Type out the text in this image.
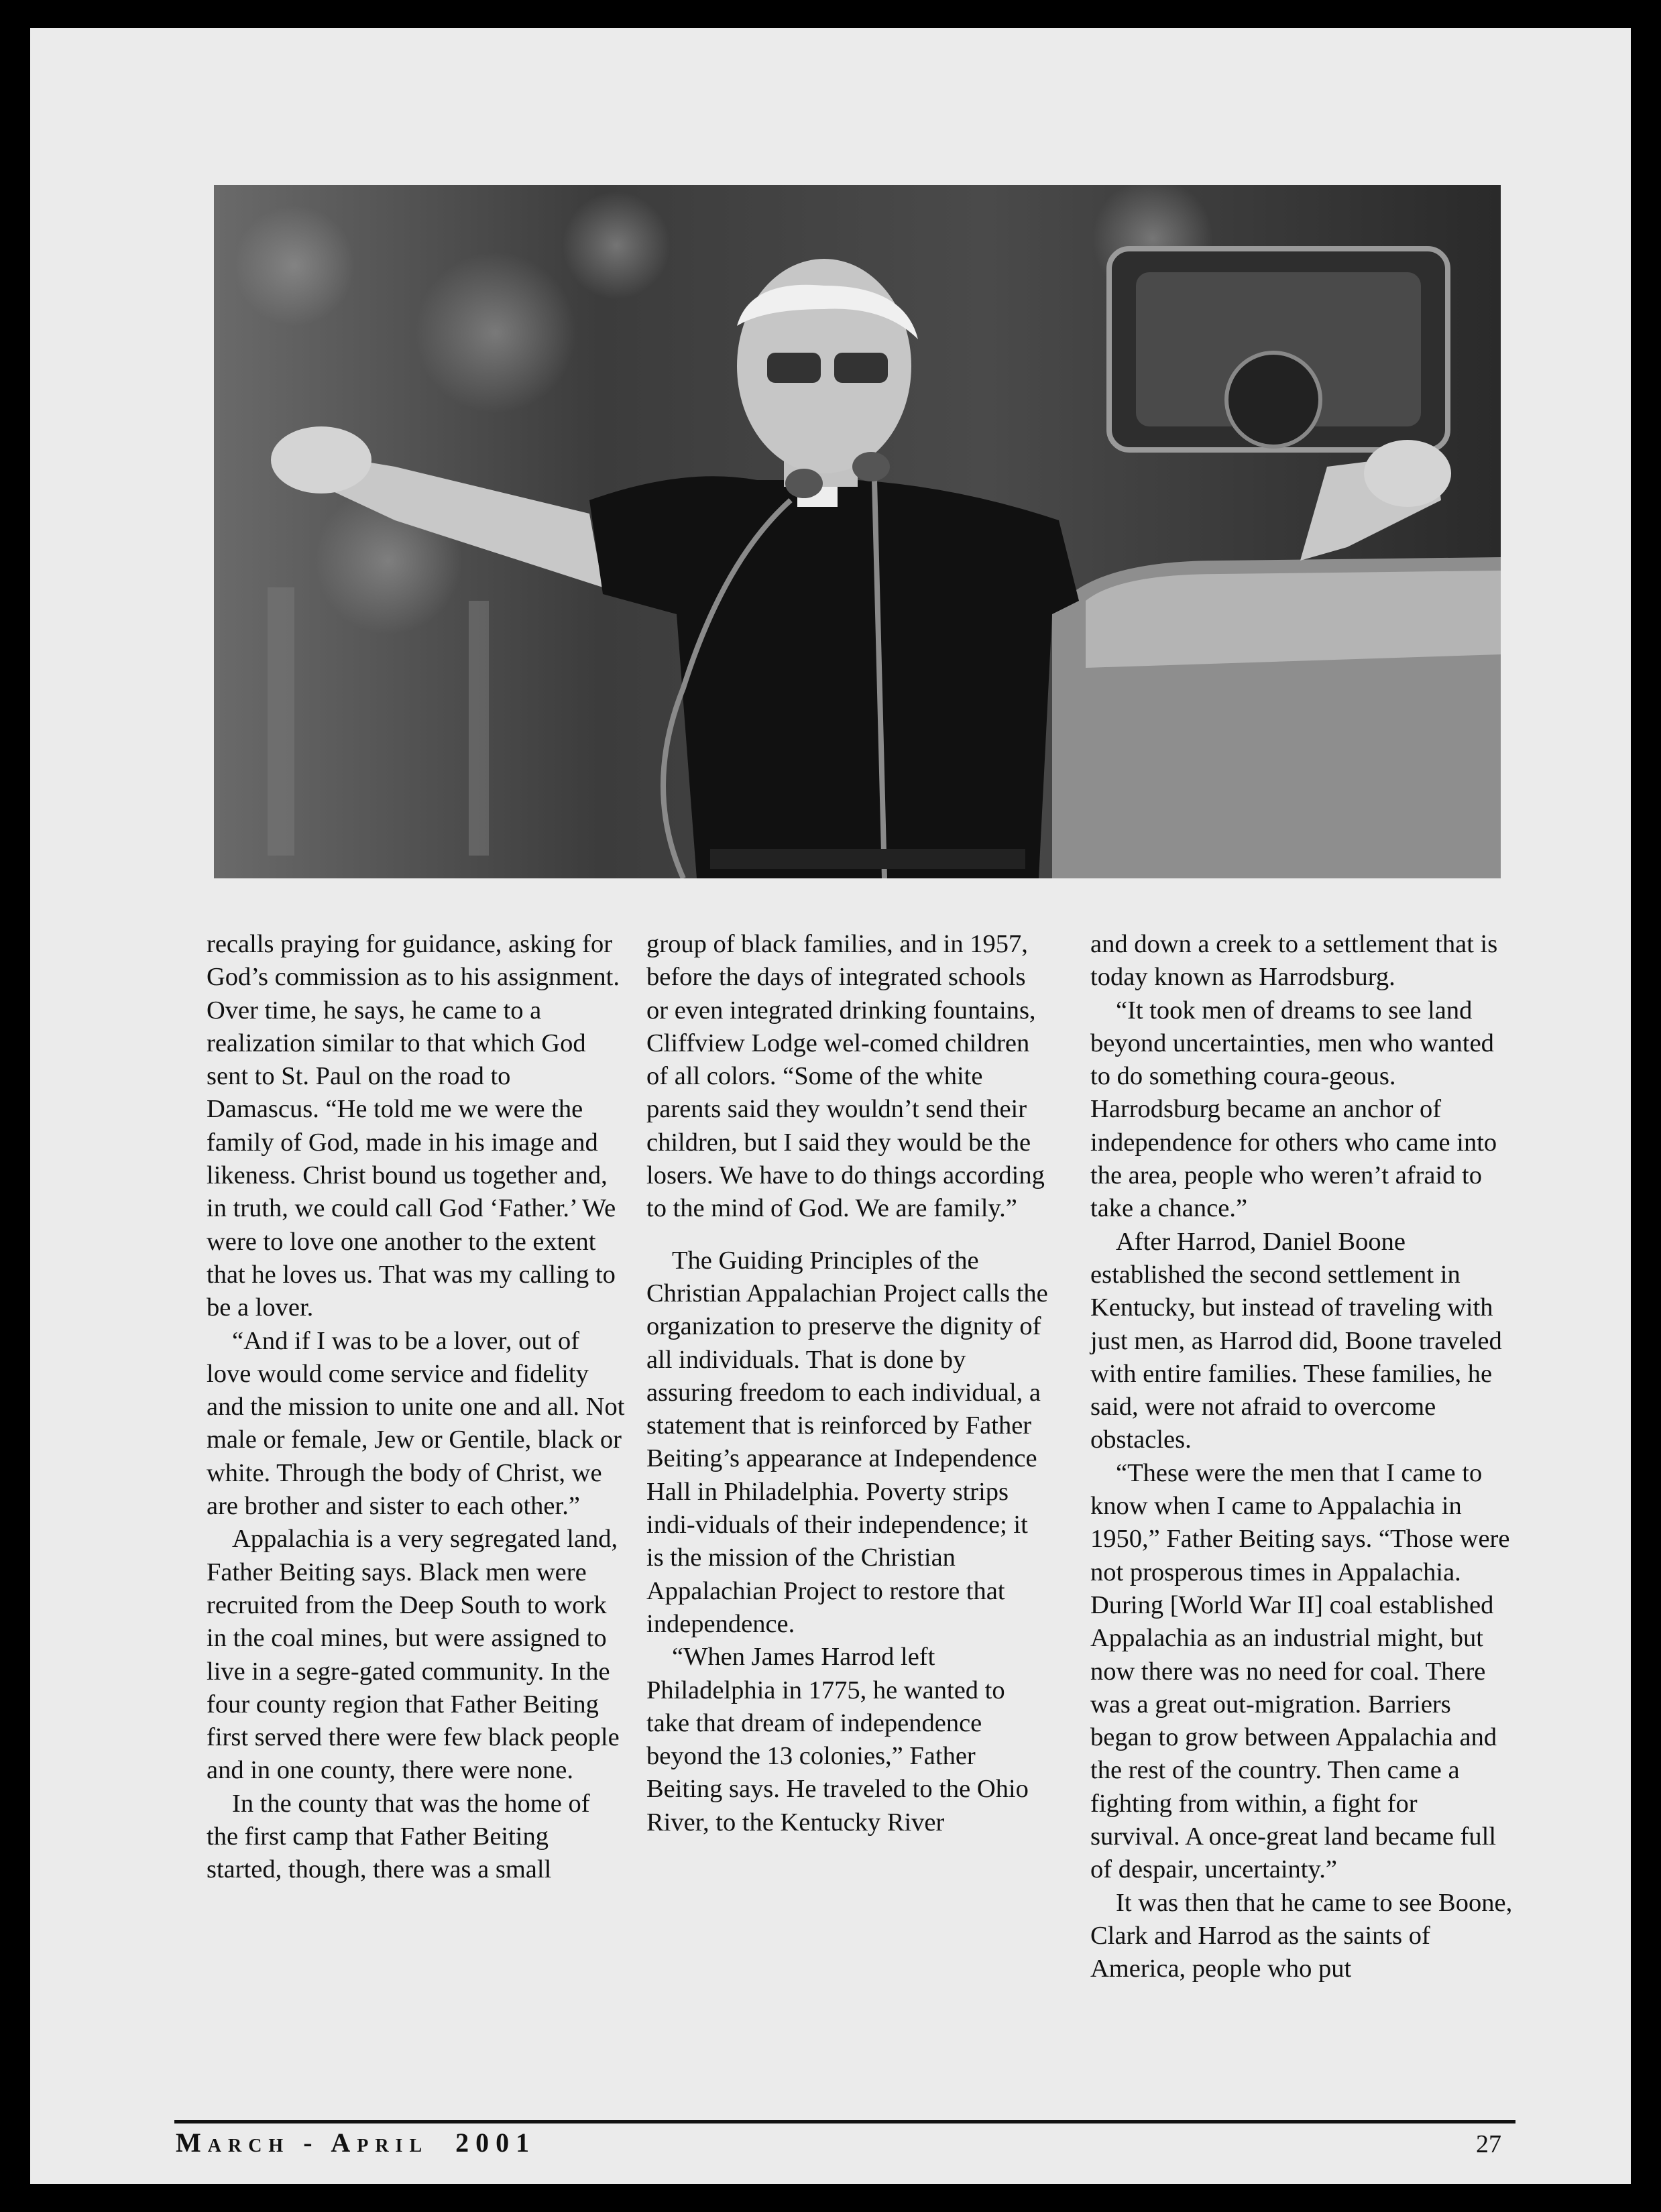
recalls praying for guidance, asking for God’s commission as to his assignment. Over time, he says, he came to a realization similar to that which God sent to St. Paul on the road to Damascus. “He told me we were the family of God, made in his image and likeness. Christ bound us together and, in truth, we could call God ‘Father.’ We were to love one another to the extent that he loves us. That was my calling to be a lover.

“And if I was to be a lover, out of love would come service and fidelity and the mission to unite one and all. Not male or female, Jew or Gentile, black or white. Through the body of Christ, we are brother and sister to each other.”

Appalachia is a very segregated land, Father Beiting says. Black men were recruited from the Deep South to work in the coal mines, but were assigned to live in a segre-gated community. In the four county region that Father Beiting first served there were few black people and in one county, there were none.

In the county that was the home of the first camp that Father Beiting started, though, there was a small

group of black families, and in 1957, before the days of integrated schools or even integrated drinking fountains, Cliffview Lodge wel-comed children of all colors. “Some of the white parents said they wouldn’t send their children, but I said they would be the losers. We have to do things according to the mind of God. We are family.”

The Guiding Principles of the Christian Appalachian Project calls the organization to preserve the dignity of all individuals. That is done by assuring freedom to each individual, a statement that is reinforced by Father Beiting’s appearance at Independence Hall in Philadelphia. Poverty strips indi-viduals of their independence; it is the mission of the Christian Appalachian Project to restore that independence.

“When James Harrod left Philadelphia in 1775, he wanted to take that dream of independence beyond the 13 colonies,” Father Beiting says. He traveled to the Ohio River, to the Kentucky River

and down a creek to a settlement that is today known as Harrodsburg.

“It took men of dreams to see land beyond uncertainties, men who wanted to do something coura-geous. Harrodsburg became an anchor of independence for others who came into the area, people who weren’t afraid to take a chance.”

After Harrod, Daniel Boone established the second settlement in Kentucky, but instead of traveling with just men, as Harrod did, Boone traveled with entire families. These families, he said, were not afraid to overcome obstacles.

“These were the men that I came to know when I came to Appalachia in 1950,” Father Beiting says. “Those were not prosperous times in Appalachia. During [World War II] coal established Appalachia as an industrial might, but now there was no need for coal. There was a great out-migration. Barriers began to grow between Appalachia and the rest of the country. Then came a fighting from within, a fight for survival. A once-great land became full of despair, uncertainty.”

It was then that he came to see Boone, Clark and Harrod as the saints of America, people who put

MARCH - APRIL 2001	27
